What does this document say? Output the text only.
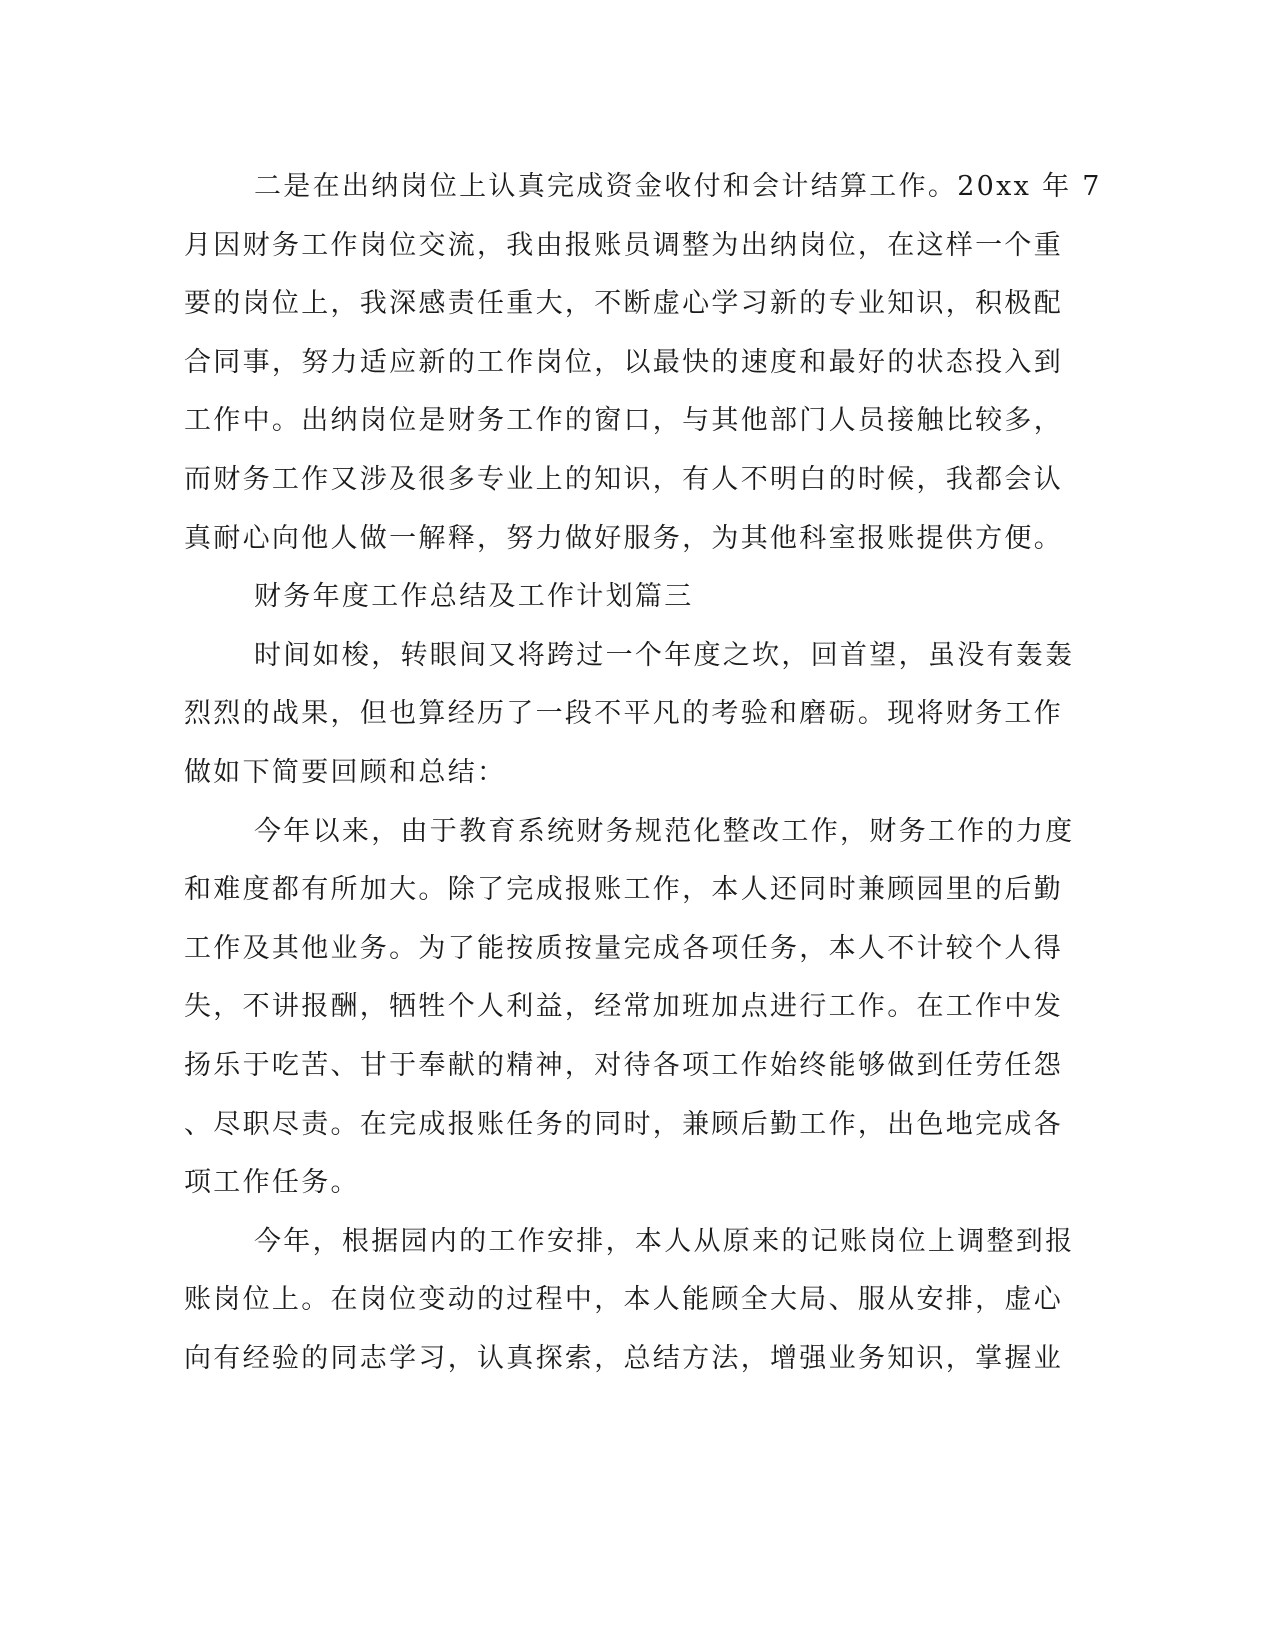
二是在出纳岗位上认真完成资金收付和会计结算工作。20xx 年 7
月因财务工作岗位交流，我由报账员调整为出纳岗位，在这样一个重
要的岗位上，我深感责任重大，不断虚心学习新的专业知识，积极配
合同事，努力适应新的工作岗位，以最快的速度和最好的状态投入到
工作中。出纳岗位是财务工作的窗口，与其他部门人员接触比较多，
而财务工作又涉及很多专业上的知识，有人不明白的时候，我都会认
真耐心向他人做一解释，努力做好服务，为其他科室报账提供方便。

财务年度工作总结及工作计划篇三

时间如梭，转眼间又将跨过一个年度之坎，回首望，虽没有轰轰
烈烈的战果，但也算经历了一段不平凡的考验和磨砺。现将财务工作
做如下简要回顾和总结：

今年以来，由于教育系统财务规范化整改工作，财务工作的力度
和难度都有所加大。除了完成报账工作，本人还同时兼顾园里的后勤
工作及其他业务。为了能按质按量完成各项任务，本人不计较个人得
失，不讲报酬，牺牲个人利益，经常加班加点进行工作。在工作中发
扬乐于吃苦、甘于奉献的精神，对待各项工作始终能够做到任劳任怨
、尽职尽责。在完成报账任务的同时，兼顾后勤工作，出色地完成各
项工作任务。

今年，根据园内的工作安排，本人从原来的记账岗位上调整到报
账岗位上。在岗位变动的过程中，本人能顾全大局、服从安排，虚心
向有经验的同志学习，认真探索，总结方法，增强业务知识，掌握业
